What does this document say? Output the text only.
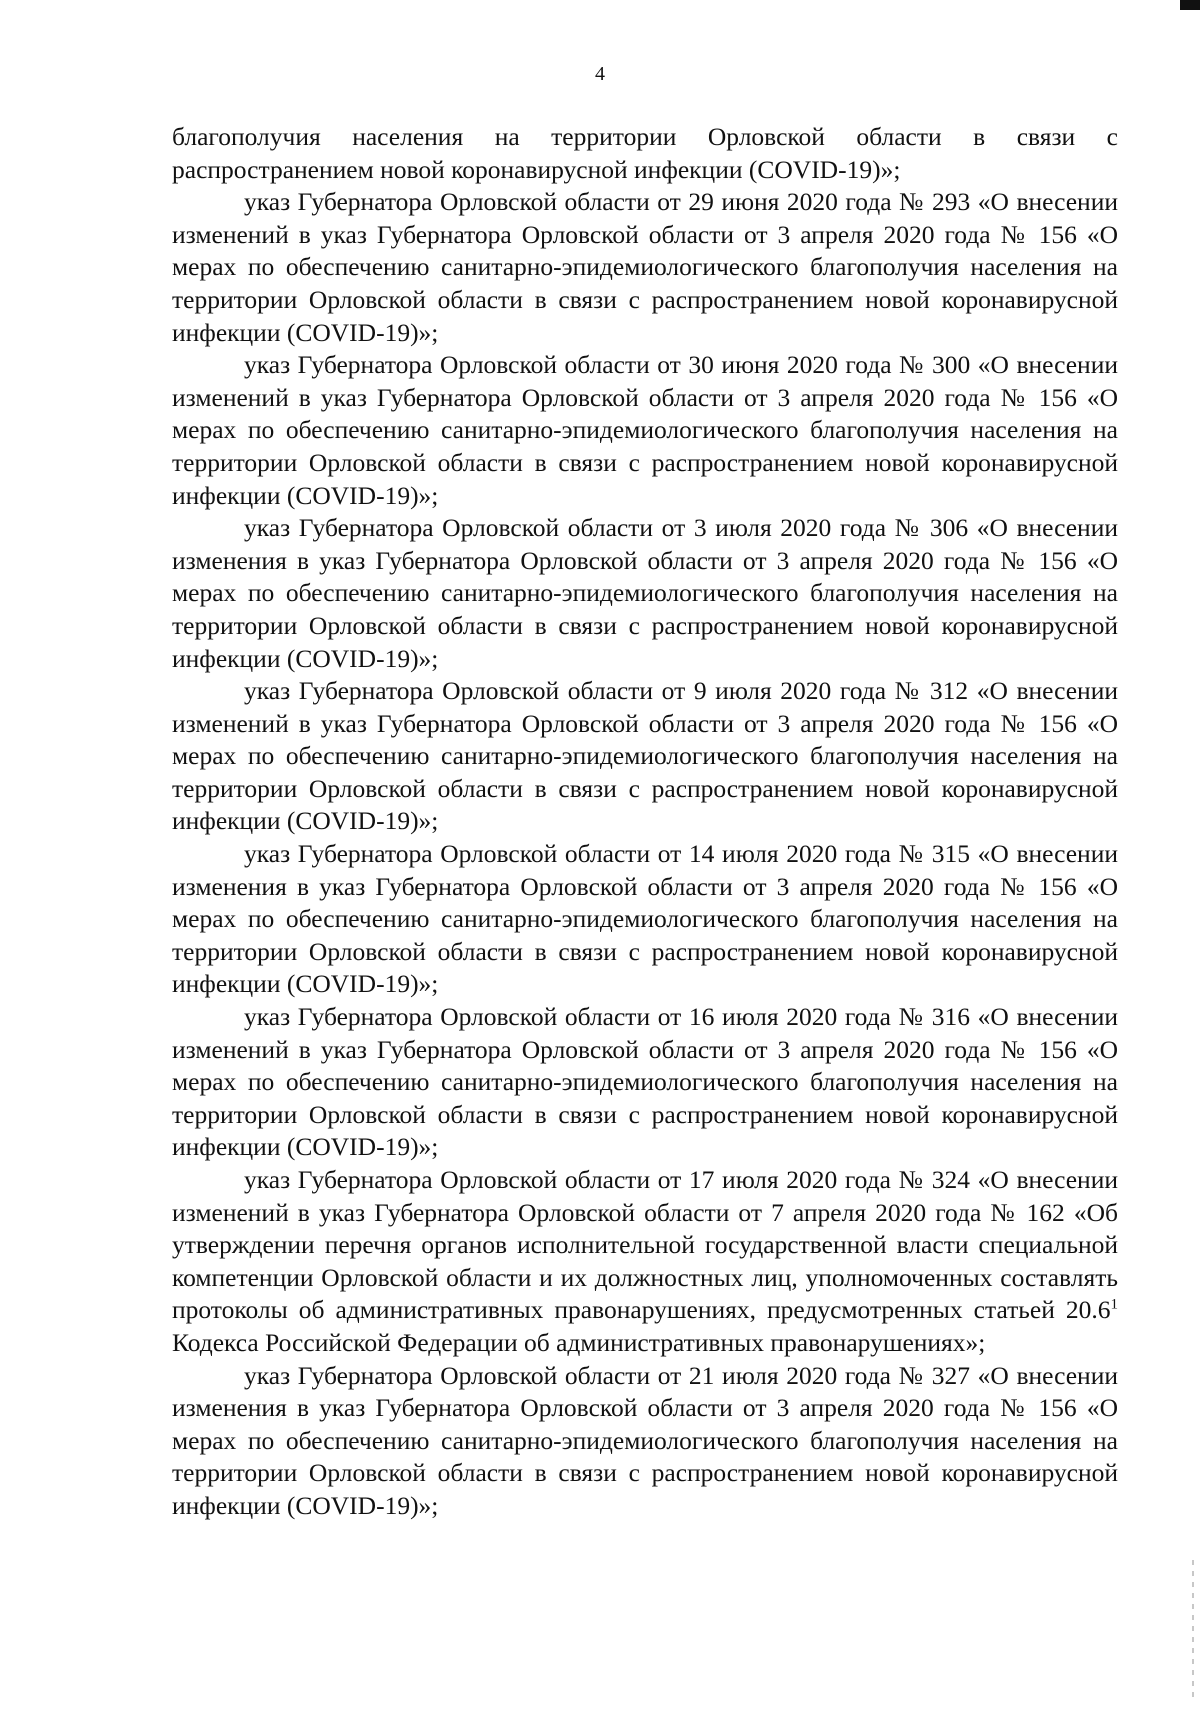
4

благополучия населения на территории Орловской области в связи с распространением новой коронавирусной инфекции (COVID-19)»;

указ Губернатора Орловской области от 29 июня 2020 года № 293 «О внесении изменений в указ Губернатора Орловской области от 3 апреля 2020 года № 156 «О мерах по обеспечению санитарно-эпидемиологического благополучия населения на территории Орловской области в связи с распространением новой коронавирусной инфекции (COVID-19)»;

указ Губернатора Орловской области от 30 июня 2020 года № 300 «О внесении изменений в указ Губернатора Орловской области от 3 апреля 2020 года № 156 «О мерах по обеспечению санитарно-эпидемиологического благополучия населения на территории Орловской области в связи с распространением новой коронавирусной инфекции (COVID-19)»;

указ Губернатора Орловской области от 3 июля 2020 года № 306 «О внесении изменения в указ Губернатора Орловской области от 3 апреля 2020 года № 156 «О мерах по обеспечению санитарно-эпидемиологического благополучия населения на территории Орловской области в связи с распространением новой коронавирусной инфекции (COVID-19)»;

указ Губернатора Орловской области от 9 июля 2020 года № 312 «О внесении изменений в указ Губернатора Орловской области от 3 апреля 2020 года № 156 «О мерах по обеспечению санитарно-эпидемиологического благополучия населения на территории Орловской области в связи с распространением новой коронавирусной инфекции (COVID-19)»;

указ Губернатора Орловской области от 14 июля 2020 года № 315 «О внесении изменения в указ Губернатора Орловской области от 3 апреля 2020 года № 156 «О мерах по обеспечению санитарно-эпидемиологического благополучия населения на территории Орловской области в связи с распространением новой коронавирусной инфекции (COVID-19)»;

указ Губернатора Орловской области от 16 июля 2020 года № 316 «О внесении изменений в указ Губернатора Орловской области от 3 апреля 2020 года № 156 «О мерах по обеспечению санитарно-эпидемиологического благополучия населения на территории Орловской области в связи с распространением новой коронавирусной инфекции (COVID-19)»;

указ Губернатора Орловской области от 17 июля 2020 года № 324 «О внесении изменений в указ Губернатора Орловской области от 7 апреля 2020 года № 162 «Об утверждении перечня органов исполнительной государственной власти специальной компетенции Орловской области и их должностных лиц, уполномоченных составлять протоколы об административных правонарушениях, предусмотренных статьей 20.6$^1$ Кодекса Российской Федерации об административных правонарушениях»;

указ Губернатора Орловской области от 21 июля 2020 года № 327 «О внесении изменения в указ Губернатора Орловской области от 3 апреля 2020 года № 156 «О мерах по обеспечению санитарно-эпидемиологического благополучия населения на территории Орловской области в связи с распространением новой коронавирусной инфекции (COVID-19)»;
